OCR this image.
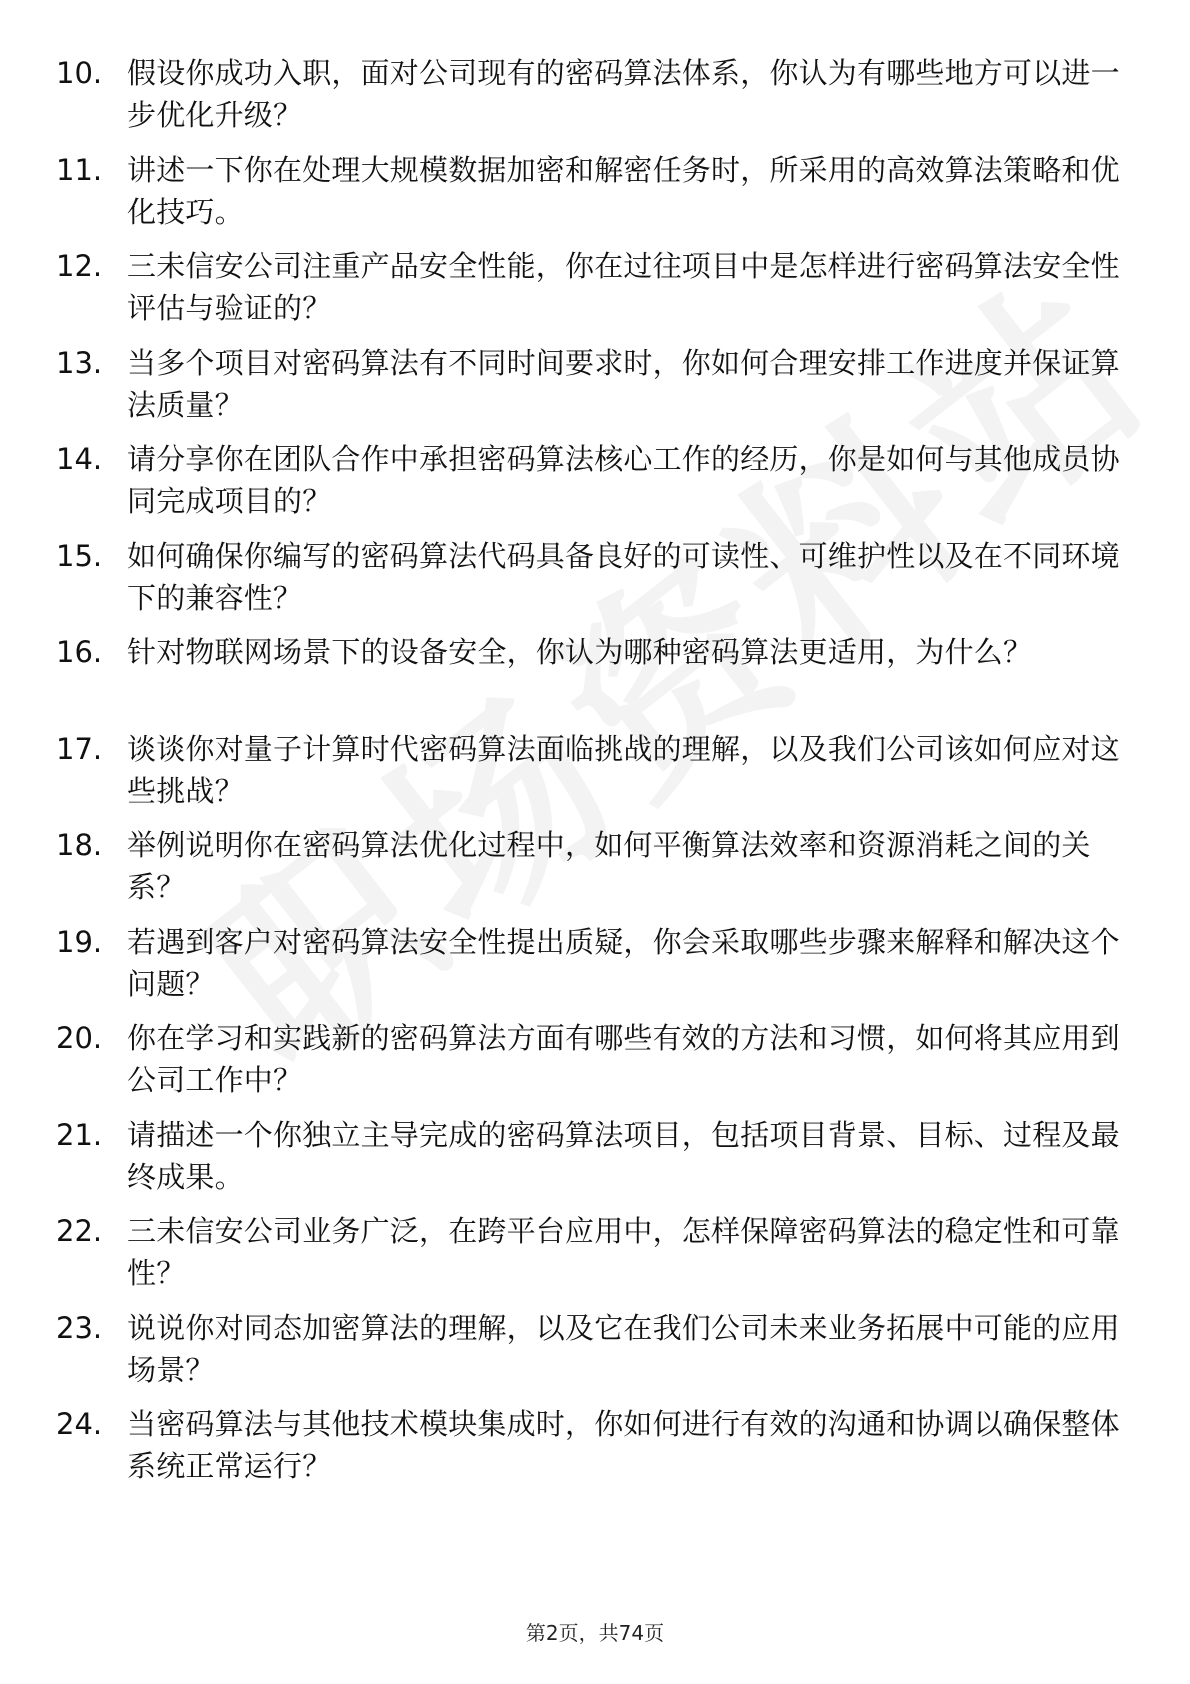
10. 假设你成功入职，面对公司现有的密码算法体系，你认为有哪些地方可以进一步优化升级？
11. 讲述一下你在处理大规模数据加密和解密任务时，所采用的高效算法策略和优化技巧。
12. 三未信安公司注重产品安全性能，你在过往项目中是怎样进行密码算法安全性评估与验证的？
13. 当多个项目对密码算法有不同时间要求时，你如何合理安排工作进度并保证算法质量？
14. 请分享你在团队合作中承担密码算法核心工作的经历，你是如何与其他成员协同完成项目的？
15. 如何确保你编写的密码算法代码具备良好的可读性、可维护性以及在不同环境下的兼容性？
16. 针对物联网场景下的设备安全，你认为哪种密码算法更适用，为什么？
17. 谈谈你对量子计算时代密码算法面临挑战的理解，以及我们公司该如何应对这些挑战？
18. 举例说明你在密码算法优化过程中，如何平衡算法效率和资源消耗之间的关系？
19. 若遇到客户对密码算法安全性提出质疑，你会采取哪些步骤来解释和解决这个问题？
20. 你在学习和实践新的密码算法方面有哪些有效的方法和习惯，如何将其应用到公司工作中？
21. 请描述一个你独立主导完成的密码算法项目，包括项目背景、目标、过程及最终成果。
22. 三未信安公司业务广泛，在跨平台应用中，怎样保障密码算法的稳定性和可靠性？
23. 说说你对同态加密算法的理解，以及它在我们公司未来业务拓展中可能的应用场景？
24. 当密码算法与其他技术模块集成时，你如何进行有效的沟通和协调以确保整体系统正常运行？
第2页，共74页
